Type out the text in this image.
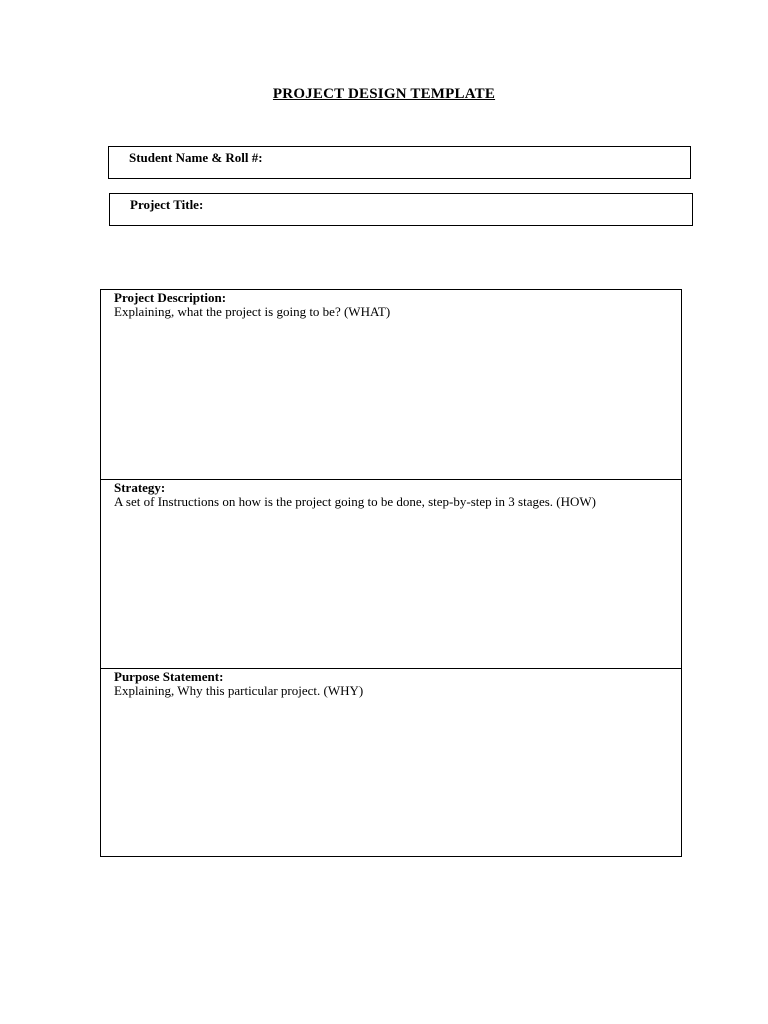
PROJECT DESIGN TEMPLATE
Student Name & Roll #:
Project Title:
Project Description:
Explaining, what the project is going to be? (WHAT)
Strategy:
A set of Instructions on how is the project going to be done, step-by-step in 3 stages. (HOW)
Purpose Statement:
Explaining, Why this particular project. (WHY)
